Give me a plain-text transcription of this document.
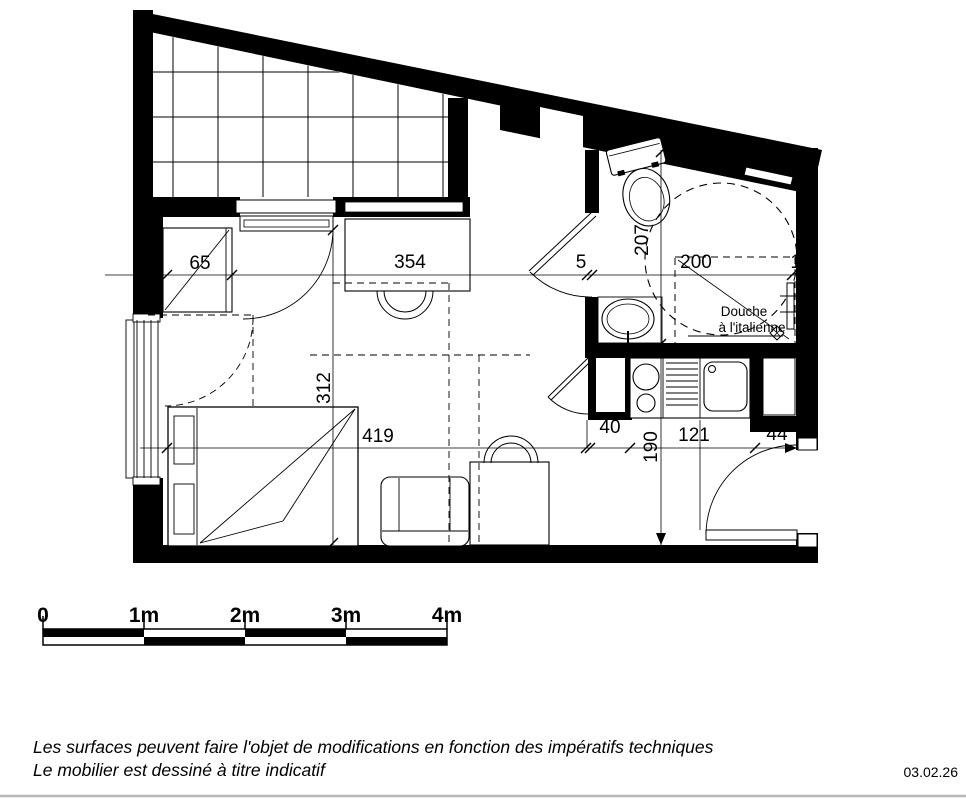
65	354	5	200	18
207
312
419	40
190 121	44
Douche
à l'italienne
0	1m	2m	3m	4m
Les surfaces peuvent faire l'objet de modifications en fonction des impératifs techniques
Le mobilier est dessiné à titre indicatif	03.02.26
